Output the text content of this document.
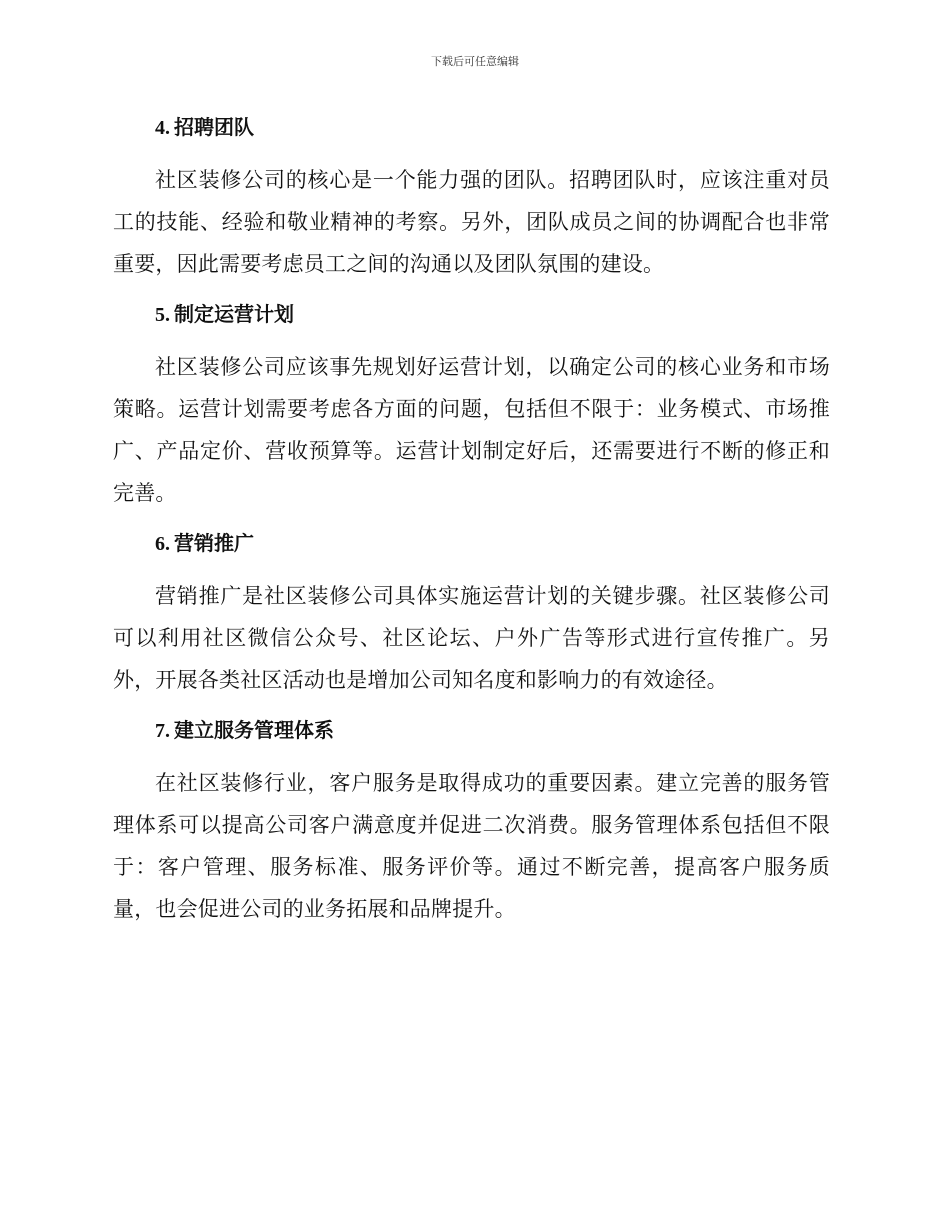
下载后可任意编辑

4. 招聘团队

社区装修公司的核心是一个能力强的团队。招聘团队时，应该注重对员工的技能、经验和敬业精神的考察。另外，团队成员之间的协调配合也非常重要，因此需要考虑员工之间的沟通以及团队氛围的建设。

5. 制定运营计划

社区装修公司应该事先规划好运营计划，以确定公司的核心业务和市场策略。运营计划需要考虑各方面的问题，包括但不限于：业务模式、市场推广、产品定价、营收预算等。运营计划制定好后，还需要进行不断的修正和完善。

6. 营销推广

营销推广是社区装修公司具体实施运营计划的关键步骤。社区装修公司可以利用社区微信公众号、社区论坛、户外广告等形式进行宣传推广。另外，开展各类社区活动也是增加公司知名度和影响力的有效途径。

7. 建立服务管理体系

在社区装修行业，客户服务是取得成功的重要因素。建立完善的服务管理体系可以提高公司客户满意度并促进二次消费。服务管理体系包括但不限于：客户管理、服务标准、服务评价等。通过不断完善，提高客户服务质量，也会促进公司的业务拓展和品牌提升。
